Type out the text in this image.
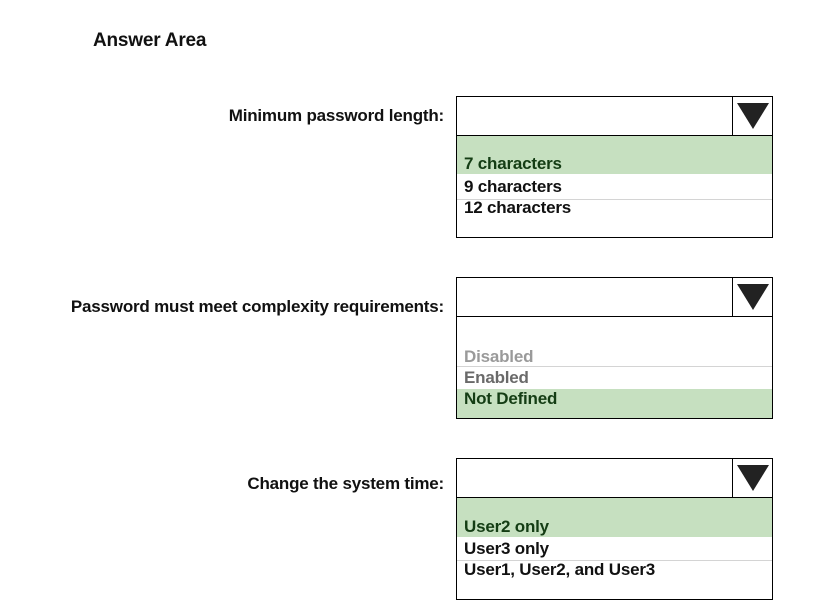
Answer Area
Minimum password length:
7 characters
9 characters
12 characters
Password must meet complexity requirements:
Disabled
Enabled
Not Defined
Change the system time:
User2 only
User3 only
User1, User2, and User3
